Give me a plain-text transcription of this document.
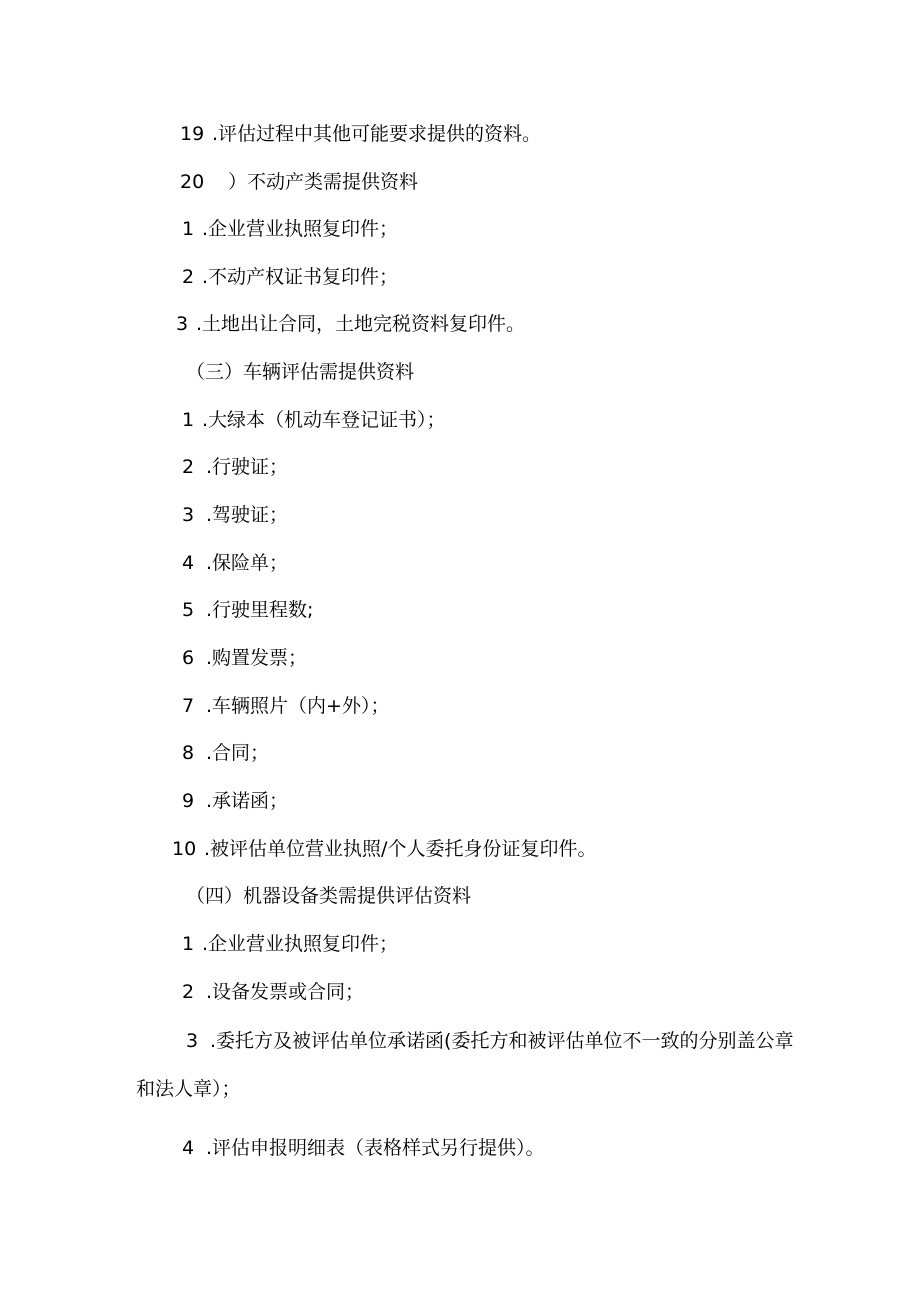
19 .评估过程中其他可能要求提供的资料。
20 ）不动产类需提供资料
1 .企业营业执照复印件；
2 .不动产权证书复印件；
3 .土地出让合同，土地完税资料复印件。
（三）车辆评估需提供资料
1 .大绿本（机动车登记证书）；
2 .行驶证；
3 .驾驶证；
4 .保险单；
5 .行驶里程数;
6 .购置发票；
7 .车辆照片（内+外）；
8 .合同；
9 .承诺函；
10 .被评估单位营业执照/个人委托身份证复印件。
（四）机器设备类需提供评估资料
1 .企业营业执照复印件；
2 .设备发票或合同；
3 .委托方及被评估单位承诺函(委托方和被评估单位不一致的分别盖公章
和法人章）；
4 .评估申报明细表（表格样式另行提供）。
